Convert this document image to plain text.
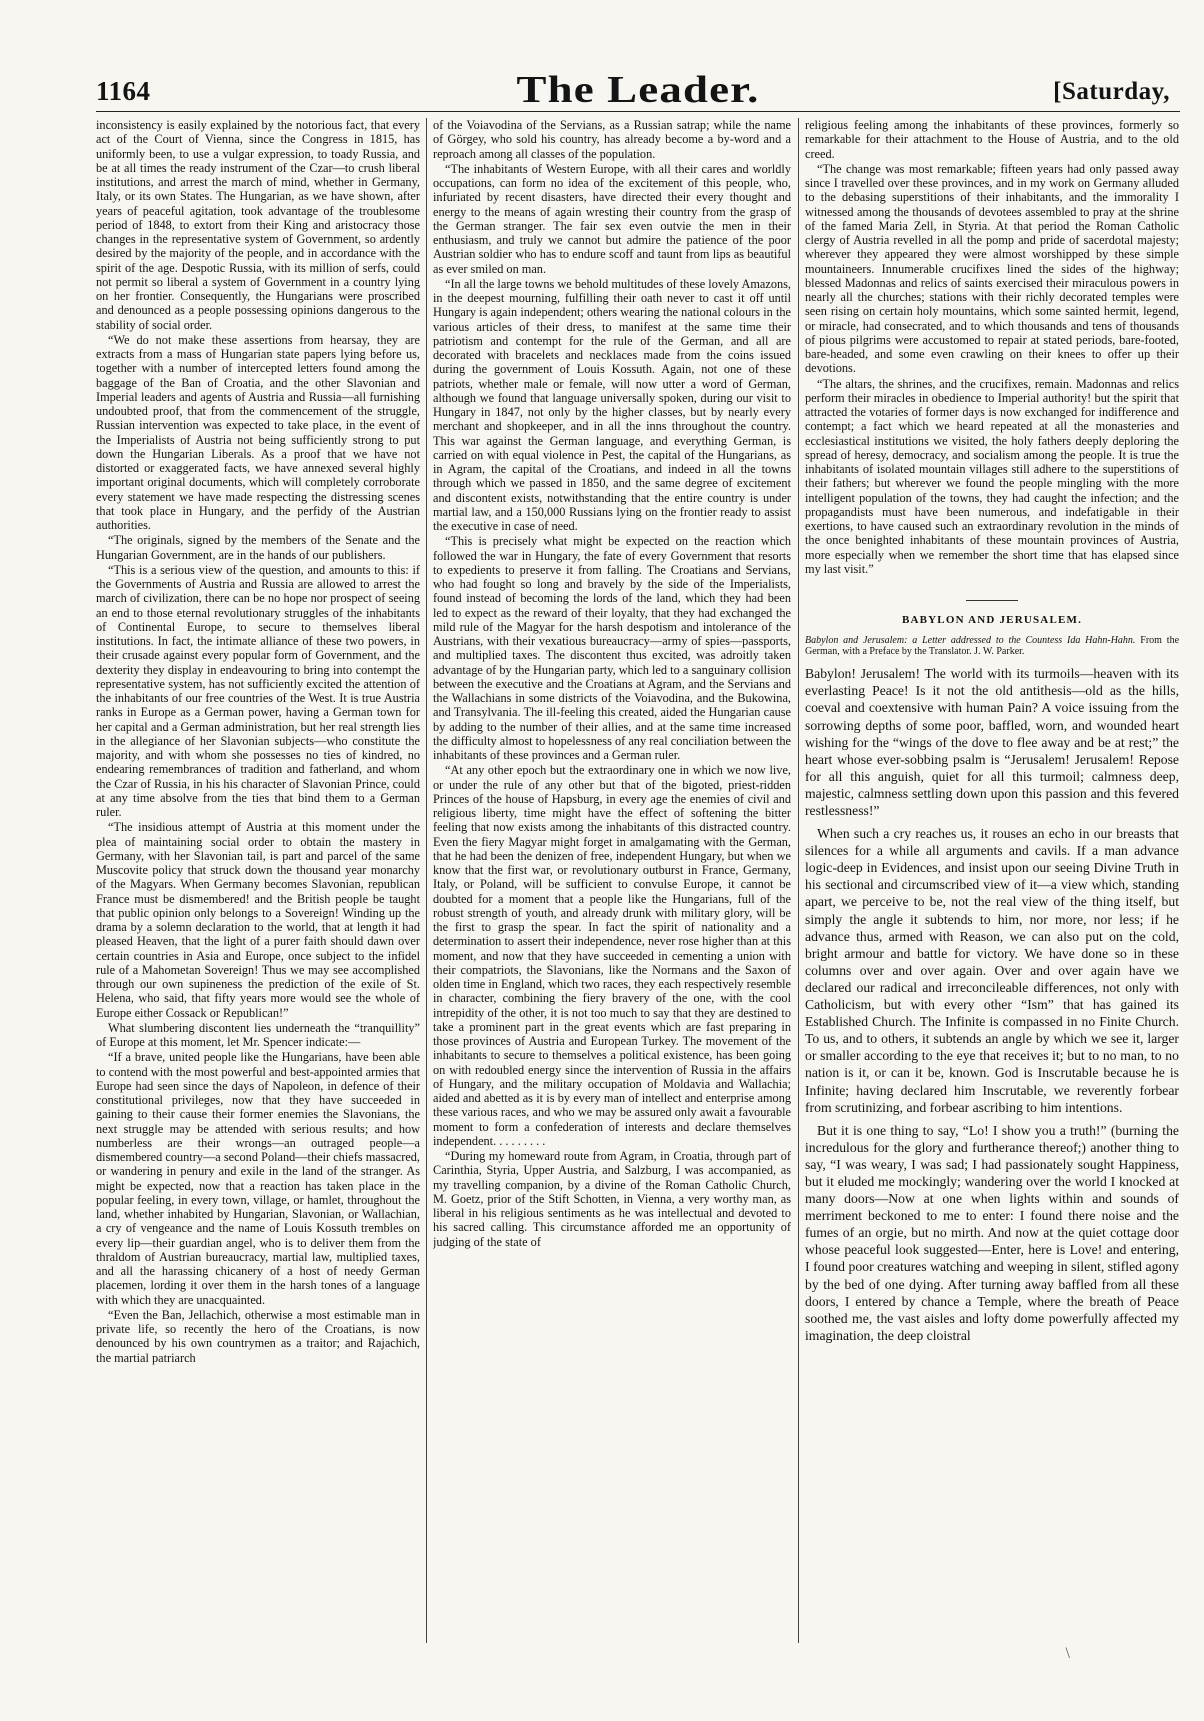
1164	The Leader.	[Saturday,

inconsistency is easily explained by the notorious fact, that every act of the Court of Vienna, since the Congress in 1815, has uniformly been, to use a vulgar expression, to toady Russia, and be at all times the ready instrument of the Czar—to crush liberal institutions, and arrest the march of mind, whether in Germany, Italy, or its own States. The Hungarian, as we have shown, after years of peaceful agitation, took advantage of the troublesome period of 1848, to extort from their King and aristocracy those changes in the representative system of Government, so ardently desired by the majority of the people, and in accordance with the spirit of the age. Despotic Russia, with its million of serfs, could not permit so liberal a system of Government in a country lying on her frontier. Consequently, the Hungarians were proscribed and denounced as a people possessing opinions dangerous to the stability of social order.

“We do not make these assertions from hearsay, they are extracts from a mass of Hungarian state papers lying before us, together with a number of intercepted letters found among the baggage of the Ban of Croatia, and the other Slavonian and Imperial leaders and agents of Austria and Russia—all furnishing undoubted proof, that from the commencement of the struggle, Russian intervention was expected to take place, in the event of the Imperialists of Austria not being sufficiently strong to put down the Hungarian Liberals. As a proof that we have not distorted or exaggerated facts, we have annexed several highly important original documents, which will completely corroborate every statement we have made respecting the distressing scenes that took place in Hungary, and the perfidy of the Austrian authorities.

“The originals, signed by the members of the Senate and the Hungarian Government, are in the hands of our publishers.

“This is a serious view of the question, and amounts to this: if the Governments of Austria and Russia are allowed to arrest the march of civilization, there can be no hope nor prospect of seeing an end to those eternal revolutionary struggles of the inhabitants of Continental Europe, to secure to themselves liberal institutions. In fact, the intimate alliance of these two powers, in their crusade against every popular form of Government, and the dexterity they display in endeavouring to bring into contempt the representative system, has not sufficiently excited the attention of the inhabitants of our free countries of the West. It is true Austria ranks in Europe as a German power, having a German town for her capital and a German administration, but her real strength lies in the allegiance of her Slavonian subjects—who constitute the majority, and with whom she possesses no ties of kindred, no endearing remembrances of tradition and fatherland, and whom the Czar of Russia, in his his character of Slavonian Prince, could at any time absolve from the ties that bind them to a German ruler.

“The insidious attempt of Austria at this moment under the plea of maintaining social order to obtain the mastery in Germany, with her Slavonian tail, is part and parcel of the same Muscovite policy that struck down the thousand year monarchy of the Magyars. When Germany becomes Slavonian, republican France must be dismembered! and the British people be taught that public opinion only belongs to a Sovereign! Winding up the drama by a solemn declaration to the world, that at length it had pleased Heaven, that the light of a purer faith should dawn over certain countries in Asia and Europe, once subject to the infidel rule of a Mahometan Sovereign! Thus we may see accomplished through our own supineness the prediction of the exile of St. Helena, who said, that fifty years more would see the whole of Europe either Cossack or Republican!”

What slumbering discontent lies underneath the “tranquillity” of Europe at this moment, let Mr. Spencer indicate:—

“If a brave, united people like the Hungarians, have been able to contend with the most powerful and best-appointed armies that Europe had seen since the days of Napoleon, in defence of their constitutional privileges, now that they have succeeded in gaining to their cause their former enemies the Slavonians, the next struggle may be attended with serious results; and how numberless are their wrongs—an outraged people—a dismembered country—a second Poland—their chiefs massacred, or wandering in penury and exile in the land of the stranger. As might be expected, now that a reaction has taken place in the popular feeling, in every town, village, or hamlet, throughout the land, whether inhabited by Hungarian, Slavonian, or Wallachian, a cry of vengeance and the name of Louis Kossuth trembles on every lip—their guardian angel, who is to deliver them from the thraldom of Austrian bureaucracy, martial law, multiplied taxes, and all the harassing chicanery of a host of needy German placemen, lording it over them in the harsh tones of a language with which they are unacquainted.

“Even the Ban, Jellachich, otherwise a most estimable man in private life, so recently the hero of the Croatians, is now denounced by his own countrymen as a traitor; and Rajachich, the martial patriarch

of the Voiavodina of the Servians, as a Russian satrap; while the name of Görgey, who sold his country, has already become a by-word and a reproach among all classes of the population.

“The inhabitants of Western Europe, with all their cares and worldly occupations, can form no idea of the excitement of this people, who, infuriated by recent disasters, have directed their every thought and energy to the means of again wresting their country from the grasp of the German stranger. The fair sex even outvie the men in their enthusiasm, and truly we cannot but admire the patience of the poor Austrian soldier who has to endure scoff and taunt from lips as beautiful as ever smiled on man.

“In all the large towns we behold multitudes of these lovely Amazons, in the deepest mourning, fulfilling their oath never to cast it off until Hungary is again independent; others wearing the national colours in the various articles of their dress, to manifest at the same time their patriotism and contempt for the rule of the German, and all are decorated with bracelets and necklaces made from the coins issued during the government of Louis Kossuth. Again, not one of these patriots, whether male or female, will now utter a word of German, although we found that language universally spoken, during our visit to Hungary in 1847, not only by the higher classes, but by nearly every merchant and shopkeeper, and in all the inns throughout the country. This war against the German language, and everything German, is carried on with equal violence in Pest, the capital of the Hungarians, as in Agram, the capital of the Croatians, and indeed in all the towns through which we passed in 1850, and the same degree of excitement and discontent exists, notwithstanding that the entire country is under martial law, and a 150,000 Russians lying on the frontier ready to assist the executive in case of need.

“This is precisely what might be expected on the reaction which followed the war in Hungary, the fate of every Government that resorts to expedients to preserve it from falling. The Croatians and Servians, who had fought so long and bravely by the side of the Imperialists, found instead of becoming the lords of the land, which they had been led to expect as the reward of their loyalty, that they had exchanged the mild rule of the Magyar for the harsh despotism and intolerance of the Austrians, with their vexatious bureaucracy—army of spies—passports, and multiplied taxes. The discontent thus excited, was adroitly taken advantage of by the Hungarian party, which led to a sanguinary collision between the executive and the Croatians at Agram, and the Servians and the Wallachians in some districts of the Voiavodina, and the Bukowina, and Transylvania. The ill-feeling this created, aided the Hungarian cause by adding to the number of their allies, and at the same time increased the difficulty almost to hopelessness of any real conciliation between the inhabitants of these provinces and a German ruler.

“At any other epoch but the extraordinary one in which we now live, or under the rule of any other but that of the bigoted, priest-ridden Princes of the house of Hapsburg, in every age the enemies of civil and religious liberty, time might have the effect of softening the bitter feeling that now exists among the inhabitants of this distracted country. Even the fiery Magyar might forget in amalgamating with the German, that he had been the denizen of free, independent Hungary, but when we know that the first war, or revolutionary outburst in France, Germany, Italy, or Poland, will be sufficient to convulse Europe, it cannot be doubted for a moment that a people like the Hungarians, full of the robust strength of youth, and already drunk with military glory, will be the first to grasp the spear. In fact the spirit of nationality and a determination to assert their independence, never rose higher than at this moment, and now that they have succeeded in cementing a union with their compatriots, the Slavonians, like the Normans and the Saxon of olden time in England, which two races, they each respectively resemble in character, combining the fiery bravery of the one, with the cool intrepidity of the other, it is not too much to say that they are destined to take a prominent part in the great events which are fast preparing in those provinces of Austria and European Turkey. The movement of the inhabitants to secure to themselves a political existence, has been going on with redoubled energy since the intervention of Russia in the affairs of Hungary, and the military occupation of Moldavia and Wallachia; aided and abetted as it is by every man of intellect and enterprise among these various races, and who we may be assured only await a favourable moment to form a confederation of interests and declare themselves independent. . . . . . . . .

“During my homeward route from Agram, in Croatia, through part of Carinthia, Styria, Upper Austria, and Salzburg, I was accompanied, as my travelling companion, by a divine of the Roman Catholic Church, M. Goetz, prior of the Stift Schotten, in Vienna, a very worthy man, as liberal in his religious sentiments as he was intellectual and devoted to his sacred calling. This circumstance afforded me an opportunity of judging of the state of

religious feeling among the inhabitants of these provinces, formerly so remarkable for their attachment to the House of Austria, and to the old creed.

“The change was most remarkable; fifteen years had only passed away since I travelled over these provinces, and in my work on Germany alluded to the debasing superstitions of their inhabitants, and the immorality I witnessed among the thousands of devotees assembled to pray at the shrine of the famed Maria Zell, in Styria. At that period the Roman Catholic clergy of Austria revelled in all the pomp and pride of sacerdotal majesty; wherever they appeared they were almost worshipped by these simple mountaineers. Innumerable crucifixes lined the sides of the highway; blessed Madonnas and relics of saints exercised their miraculous powers in nearly all the churches; stations with their richly decorated temples were seen rising on certain holy mountains, which some sainted hermit, legend, or miracle, had consecrated, and to which thousands and tens of thousands of pious pilgrims were accustomed to repair at stated periods, bare-footed, bare-headed, and some even crawling on their knees to offer up their devotions.

“The altars, the shrines, and the crucifixes, remain. Madonnas and relics perform their miracles in obedience to Imperial authority! but the spirit that attracted the votaries of former days is now exchanged for indifference and contempt; a fact which we heard repeated at all the monasteries and ecclesiastical institutions we visited, the holy fathers deeply deploring the spread of heresy, democracy, and socialism among the people. It is true the inhabitants of isolated mountain villages still adhere to the superstitions of their fathers; but wherever we found the people mingling with the more intelligent population of the towns, they had caught the infection; and the propagandists must have been numerous, and indefatigable in their exertions, to have caused such an extraordinary revolution in the minds of the once benighted inhabitants of these mountain provinces of Austria, more especially when we remember the short time that has elapsed since my last visit.”

BABYLON AND JERUSALEM.

Babylon and Jerusalem: a Letter addressed to the Countess Ida Hahn-Hahn. From the German, with a Preface by the Translator. J. W. Parker.

Babylon! Jerusalem! The world with its turmoils—heaven with its everlasting Peace! Is it not the old antithesis—old as the hills, coeval and coextensive with human Pain? A voice issuing from the sorrowing depths of some poor, baffled, worn, and wounded heart wishing for the “wings of the dove to flee away and be at rest;” the heart whose ever-sobbing psalm is “Jerusalem! Jerusalem! Repose for all this anguish, quiet for all this turmoil; calmness deep, majestic, calmness settling down upon this passion and this fevered restlessness!”

When such a cry reaches us, it rouses an echo in our breasts that silences for a while all arguments and cavils. If a man advance logic-deep in Evidences, and insist upon our seeing Divine Truth in his sectional and circumscribed view of it—a view which, standing apart, we perceive to be, not the real view of the thing itself, but simply the angle it subtends to him, nor more, nor less; if he advance thus, armed with Reason, we can also put on the cold, bright armour and battle for victory. We have done so in these columns over and over again. Over and over again have we declared our radical and irreconcileable differences, not only with Catholicism, but with every other “Ism” that has gained its Established Church. The Infinite is compassed in no Finite Church. To us, and to others, it subtends an angle by which we see it, larger or smaller according to the eye that receives it; but to no man, to no nation is it, or can it be, known. God is Inscrutable because he is Infinite; having declared him Inscrutable, we reverently forbear from scrutinizing, and forbear ascribing to him intentions.

But it is one thing to say, “Lo! I show you a truth!” (burning the incredulous for the glory and furtherance thereof;) another thing to say, “I was weary, I was sad; I had passionately sought Happiness, but it eluded me mockingly; wandering over the world I knocked at many doors—Now at one when lights within and sounds of merriment beckoned to me to enter: I found there noise and the fumes of an orgie, but no mirth. And now at the quiet cottage door whose peaceful look suggested—Enter, here is Love! and entering, I found poor creatures watching and weeping in silent, stifled agony by the bed of one dying. After turning away baffled from all these doors, I entered by chance a Temple, where the breath of Peace soothed me, the vast aisles and lofty dome powerfully affected my imagination, the deep cloistral

\
